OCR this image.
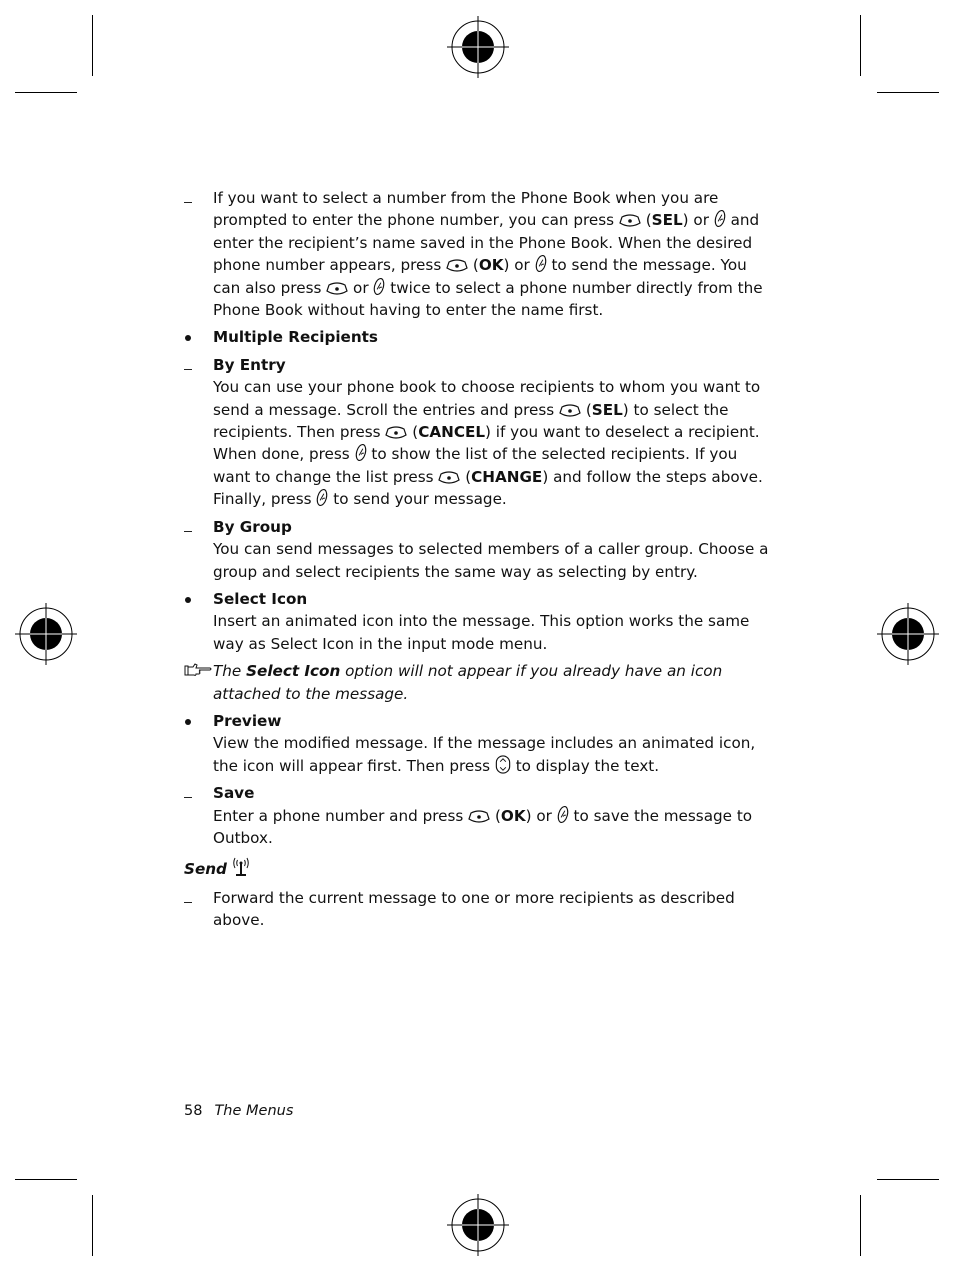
If you want to select a number from the Phone Book when you are prompted to enter the phone number, you can press (SEL) or and enter the recipient’s name saved in the Phone Book. When the desired phone number appears, press (OK) or to send the message. You can also press or twice to select a phone number directly from the Phone Book without having to enter the name first.
Multiple Recipients
By Entry
You can use your phone book to choose recipients to whom you want to send a message. Scroll the entries and press (SEL) to select the recipients. Then press (CANCEL) if you want to deselect a recipient. When done, press to show the list of the selected recipients. If you want to change the list press (CHANGE) and follow the steps above. Finally, press to send your message.
By Group
You can send messages to selected members of a caller group. Choose a group and select recipients the same way as selecting by entry.
Select Icon
Insert an animated icon into the message. This option works the same way as Select Icon in the input mode menu.
The Select Icon option will not appear if you already have an icon attached to the message.
Preview
View the modified message. If the message includes an animated icon, the icon will appear first. Then press to display the text.
Save
Enter a phone number and press (OK) or to save the message to Outbox.
Send
Forward the current message to one or more recipients as described above.
58 The Menus
